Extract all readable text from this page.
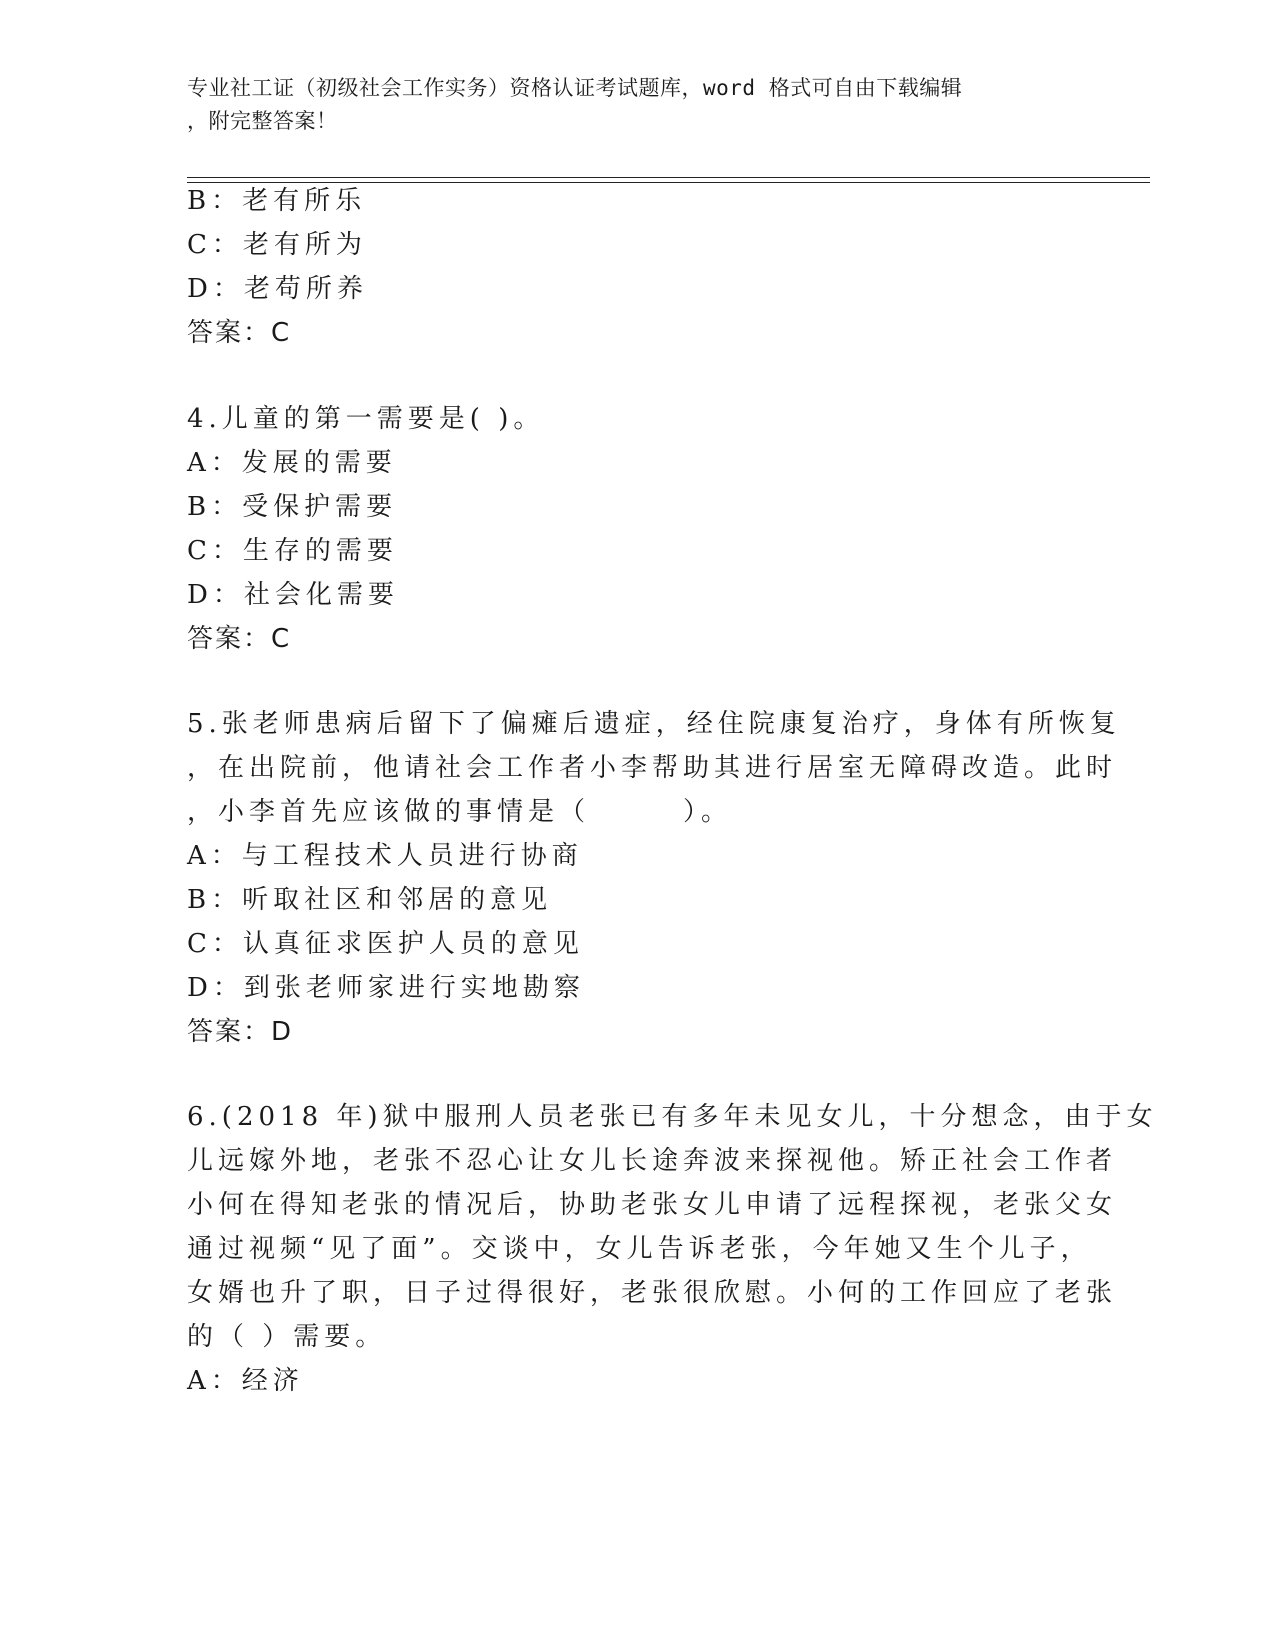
专业社工证（初级社会工作实务）资格认证考试题库，word 格式可自由下载编辑
，附完整答案！
B：老有所乐
C：老有所为
D：老苟所养
答案：C
4.儿童的第一需要是( )。
A：发展的需要
B：受保护需要
C：生存的需要
D：社会化需要
答案：C
5.张老师患病后留下了偏瘫后遗症，经住院康复治疗，身体有所恢复
，在出院前，他请社会工作者小李帮助其进行居室无障碍改造。此时
，小李首先应该做的事情是（　　　）。
A：与工程技术人员进行协商
B：听取社区和邻居的意见
C：认真征求医护人员的意见
D：到张老师家进行实地勘察
答案：D
6.(2018 年)狱中服刑人员老张已有多年未见女儿，十分想念，由于女
儿远嫁外地，老张不忍心让女儿长途奔波来探视他。矫正社会工作者
小何在得知老张的情况后，协助老张女儿申请了远程探视，老张父女
通过视频“见了面”。交谈中，女儿告诉老张，今年她又生个儿子，
女婿也升了职，日子过得很好，老张很欣慰。小何的工作回应了老张
的（ ）需要。
A：经济
